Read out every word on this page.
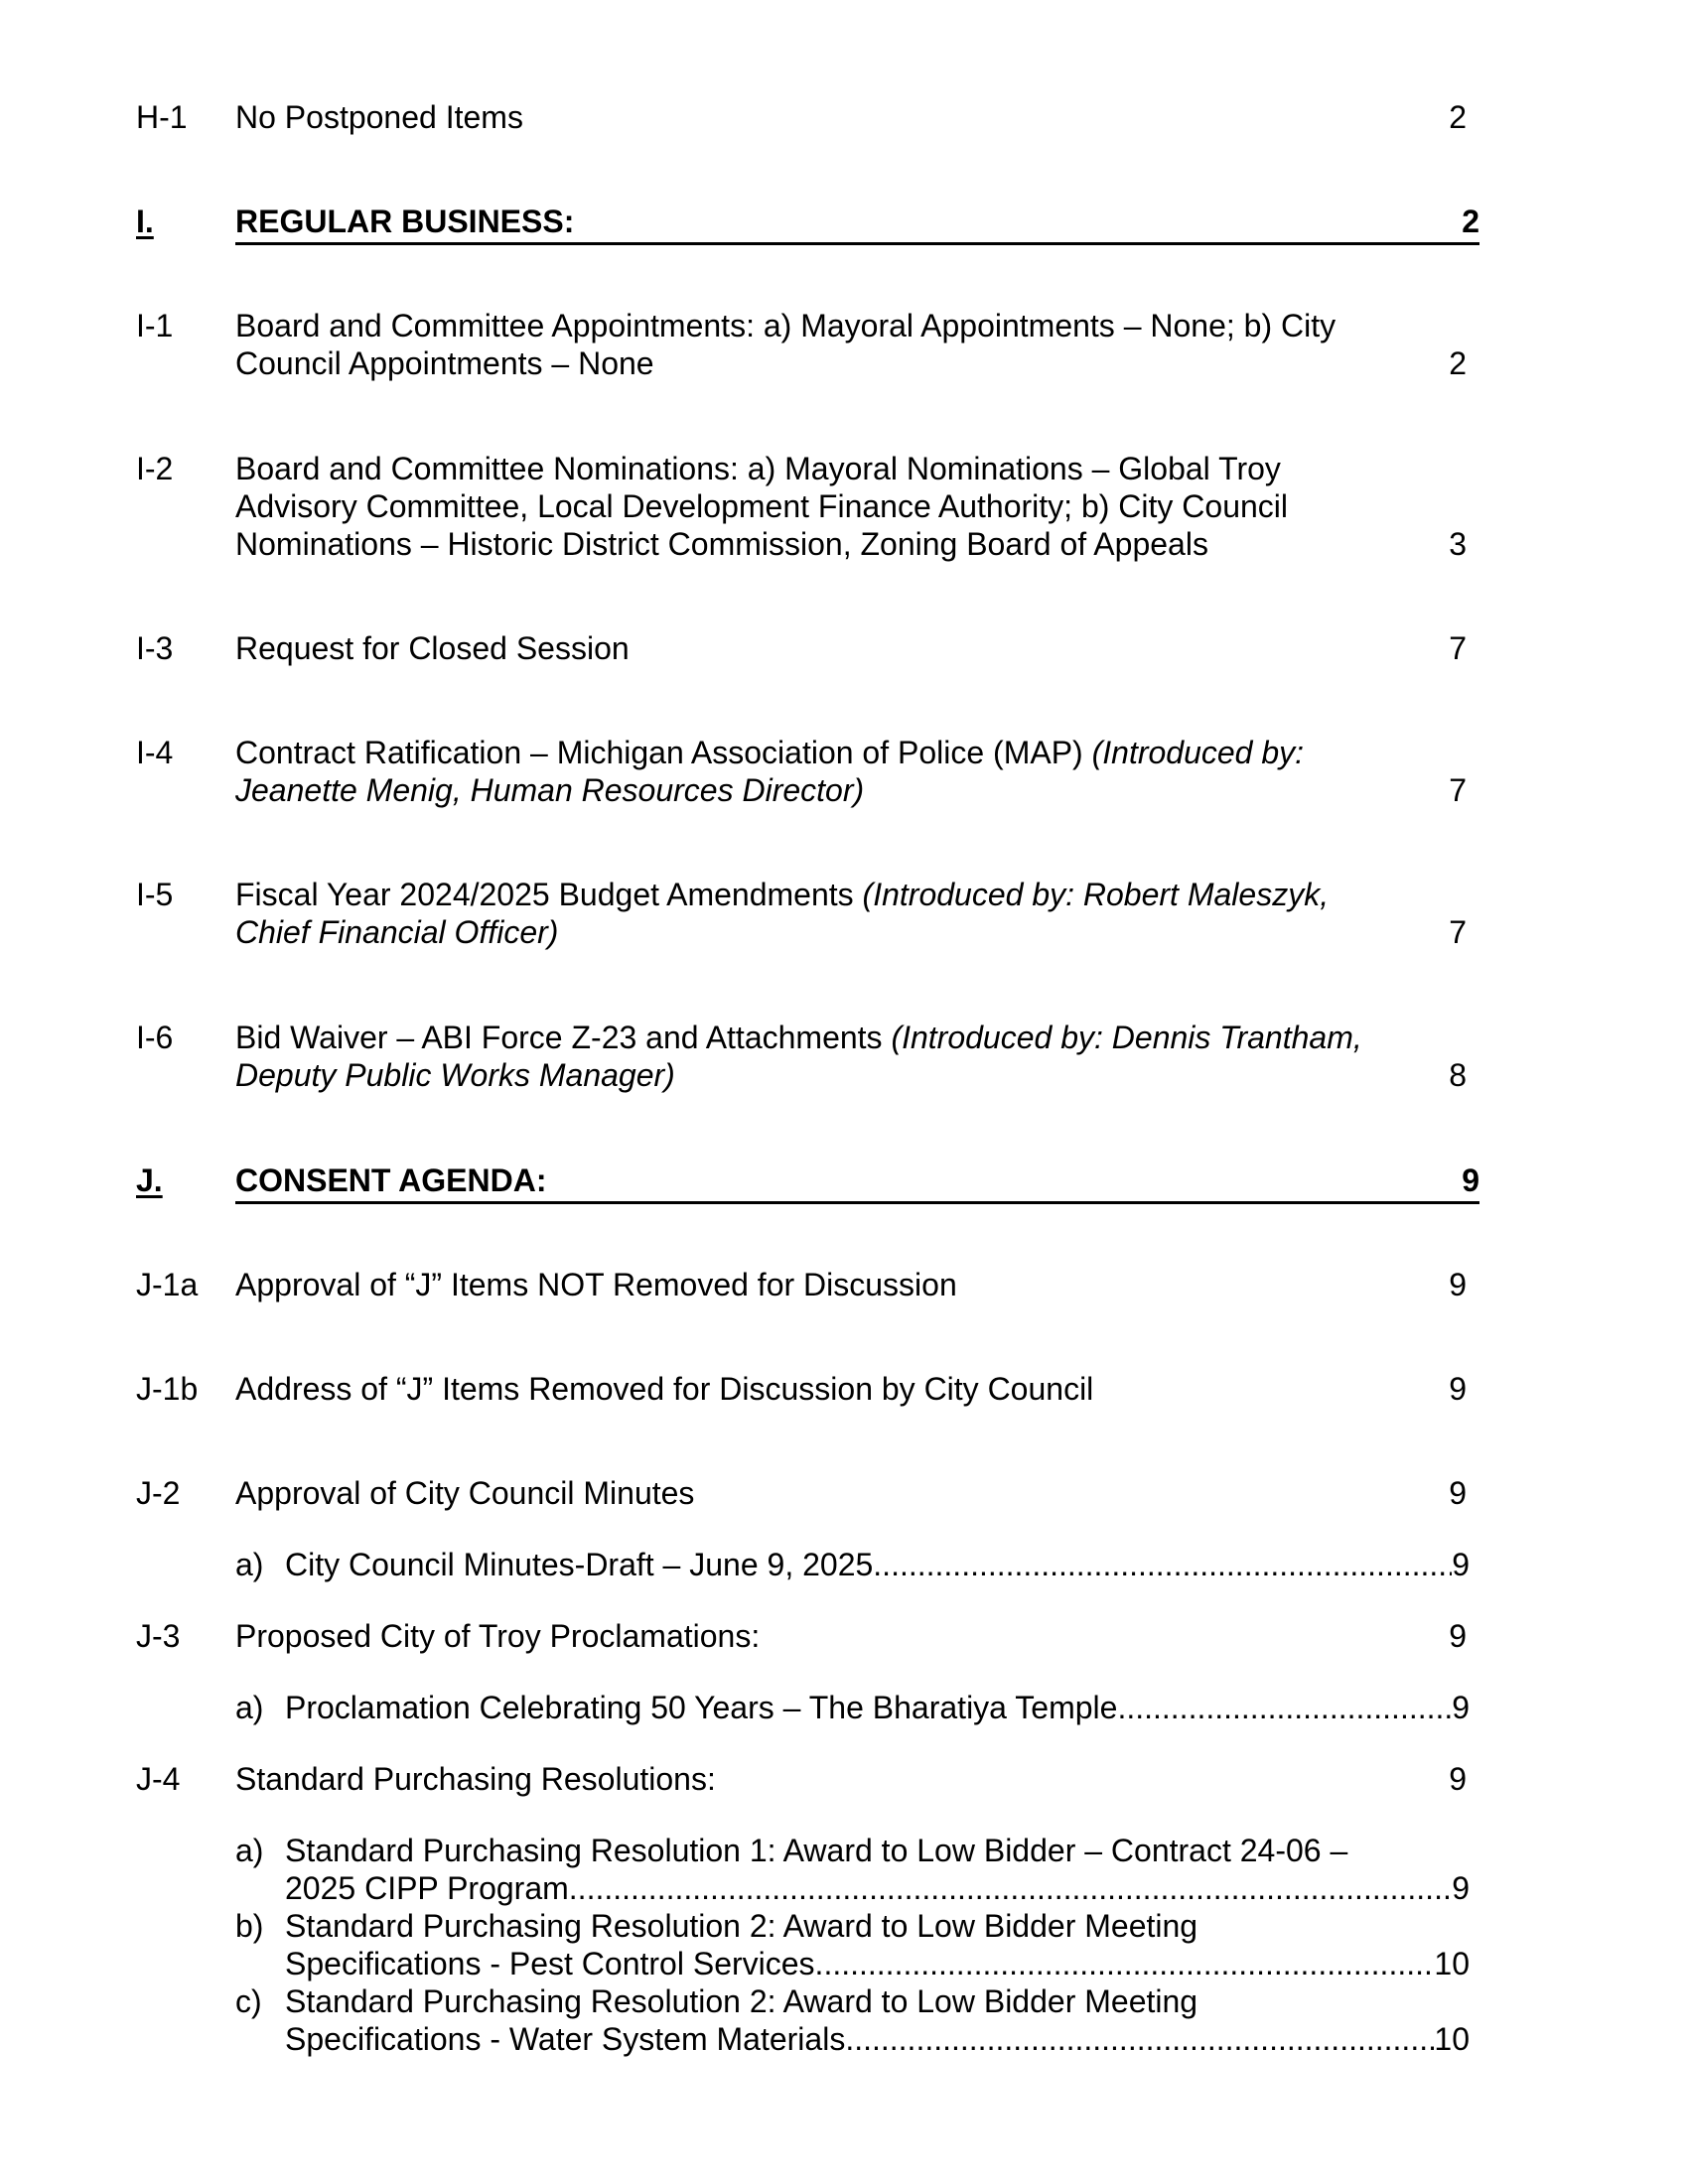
H-1 No Postponed Items	2
I.	REGULAR BUSINESS:	2
I-1 Board and Committee Appointments: a) Mayoral Appointments – None; b) City
Council Appointments – None	2
I-2 Board and Committee Nominations: a) Mayoral Nominations – Global Troy
Advisory Committee, Local Development Finance Authority; b) City Council
Nominations – Historic District Commission, Zoning Board of Appeals	3
I-3 Request for Closed Session	7
I-4 Contract Ratification – Michigan Association of Police (MAP) (Introduced by:
Jeanette Menig, Human Resources Director)	7
I-5 Fiscal Year 2024/2025 Budget Amendments (Introduced by: Robert Maleszyk,
Chief Financial Officer)	7
I-6 Bid Waiver – ABI Force Z-23 and Attachments (Introduced by: Dennis Trantham,
Deputy Public Works Manager)	8
J. CONSENT AGENDA:	9
J-1a Approval of “J” Items NOT Removed for Discussion	9
J-1b Address of “J” Items Removed for Discussion by City Council	9
J-2 Approval of City Council Minutes	9
a) City Council Minutes-Draft – June 9, 2025. .....	9
J-3 Proposed City of Troy Proclamations:	9
a) Proclamation Celebrating 50 Years – The Bharatiya Temple .....	9
J-4 Standard Purchasing Resolutions:	9
a) Standard Purchasing Resolution 1: Award to Low Bidder – Contract 24-06 –
2025 CIPP Program .....	9
b) Standard Purchasing Resolution 2: Award to Low Bidder Meeting
Specifications - Pest Control Services .....	10
c) Standard Purchasing Resolution 2: Award to Low Bidder Meeting
Specifications - Water System Materials. .....	10
